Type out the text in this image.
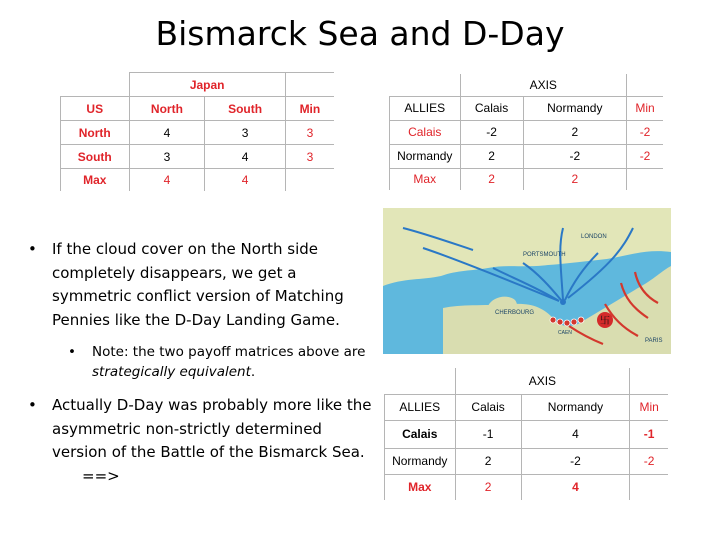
Bismarck Sea and D-Day
	Japan		
US	North	South	Min
North	4	3	3
South	3	4	3
Max	4	4	
	AXIS		
ALLIES	Calais	Normandy	Min
Calais	-2	2	-2
Normandy	2	-2	-2
Max	2	2	
• If the cloud cover on the North side completely disappears, we get a symmetric conflict version of Matching Pennies like the D-Day Landing Game.
• Note: the two payoff matrices above are strategically equivalent.
• Actually D-Day was probably more like the asymmetric non-strictly determined version of the Battle of the Bismarck Sea. ==>
卐
LONDON
PORTSMOUTH
CHERBOURG
PARIS
CAEN
	AXIS		
ALLIES	Calais	Normandy	Min
Calais	-1	4	-1
Normandy	2	-2	-2
Max	2	4	
